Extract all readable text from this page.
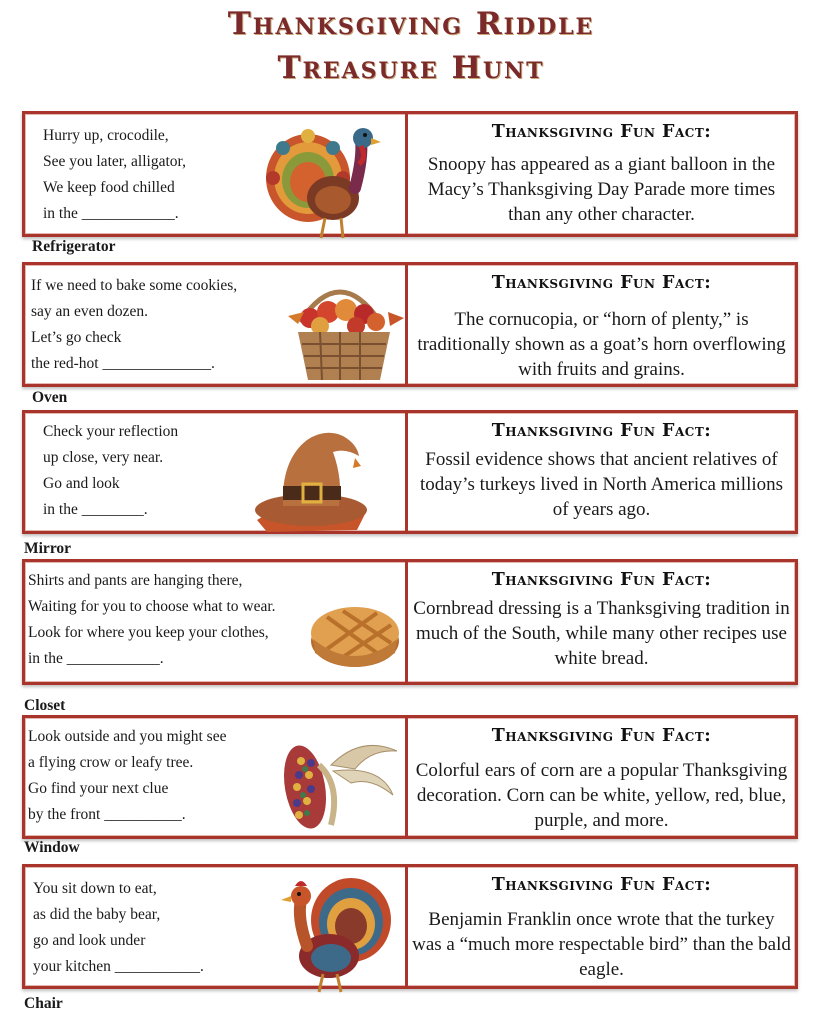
Thanksgiving Riddle
Treasure Hunt
Hurry up, crocodile,
See you later, alligator,
We keep food chilled
in the ____________.
Thanksgiving Fun Fact:
Snoopy has appeared as a giant balloon in the Macy’s Thanksgiving Day Parade more times than any other character.
Refrigerator
If we need to bake some cookies,
say an even dozen.
Let’s go check
the red-hot ______________.
Thanksgiving Fun Fact:
The cornucopia, or “horn of plenty,” is traditionally shown as a goat’s horn overflowing with fruits and grains.
Oven
Check your reflection
up close, very near.
Go and look
in the ________.
Thanksgiving Fun Fact:
Fossil evidence shows that ancient relatives of today’s turkeys lived in North America millions of years ago.
Mirror
Shirts and pants are hanging there,
Waiting for you to choose what to wear.
Look for where you keep your clothes,
in the ____________.
Thanksgiving Fun Fact:
Cornbread dressing is a Thanksgiving tradition in much of the South, while many other recipes use white bread.
Closet
Look outside and you might see
a flying crow or leafy tree.
Go find your next clue
by the front __________.
Thanksgiving Fun Fact:
Colorful ears of corn are a popular Thanksgiving decoration. Corn can be white, yellow, red, blue, purple, and more.
Window
You sit down to eat,
as did the baby bear,
go and look under
your kitchen ___________.
Thanksgiving Fun Fact:
Benjamin Franklin once wrote that the turkey was a “much more respectable bird” than the bald eagle.
Chair
